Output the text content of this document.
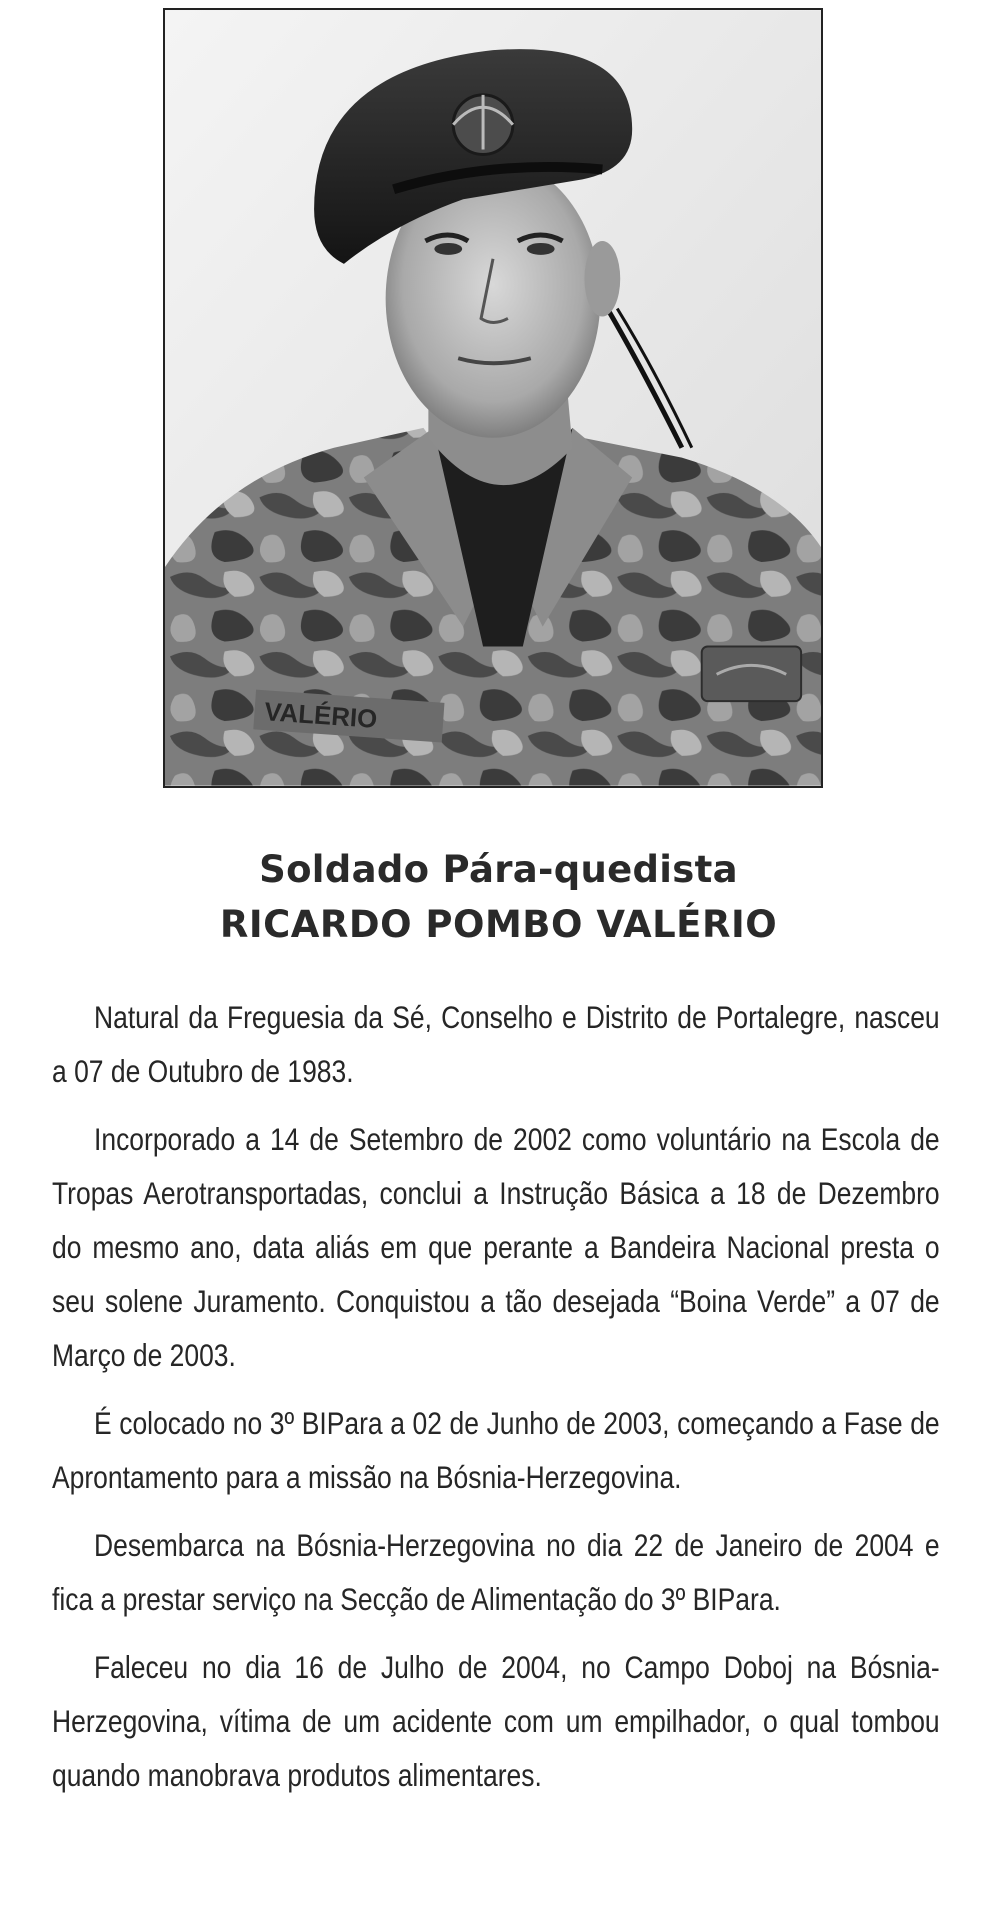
VALÉRIO
Soldado Pára-quedista
RICARDO POMBO VALÉRIO

Natural da Freguesia da Sé, Conselho e Distrito de Portalegre, nasceu a 07 de Outubro de 1983.

Incorporado a 14 de Setembro de 2002 como voluntário na Escola de Tropas Aerotransportadas, conclui a Instrução Básica a 18 de Dezembro do mesmo ano, data aliás em que perante a Bandeira Nacional presta o seu solene Juramento. Conquistou a tão desejada “Boina Verde” a 07 de Março de 2003.

É colocado no 3º BIPara a 02 de Junho de 2003, começando a Fase de Aprontamento para a missão na Bósnia-Herzegovina.

Desembarca na Bósnia-Herzegovina no dia 22 de Janeiro de 2004 e fica a prestar serviço na Secção de Alimentação do 3º BIPara.

Faleceu no dia 16 de Julho de 2004, no Campo Doboj na Bósnia-Herzegovina, vítima de um acidente com um empilhador, o qual tombou quando manobrava produtos alimentares.
